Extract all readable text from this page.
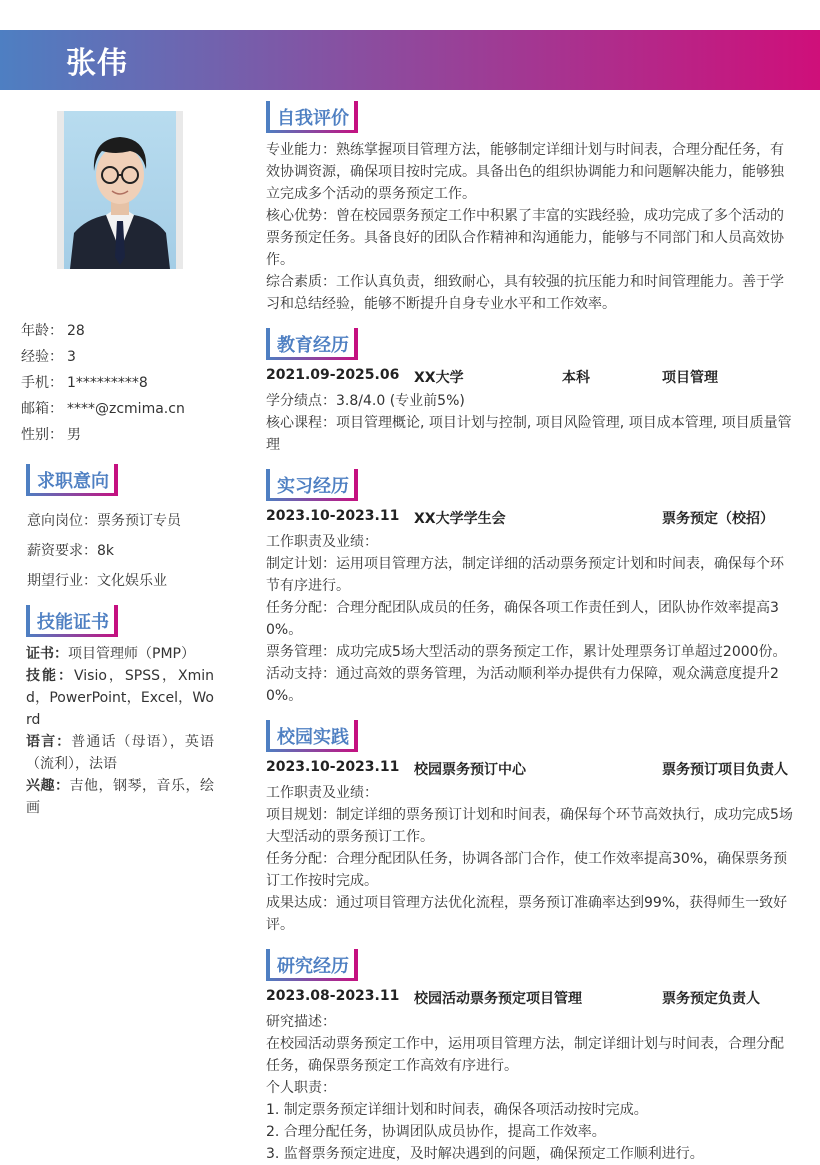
张伟
年龄： 28
经验： 3
手机： 1*********8
邮箱： ****@zcmima.cn
性别： 男
求职意向
意向岗位：票务预订专员
薪资要求：8k
期望行业：文化娱乐业
技能证书

证书：项目管理师（PMP）

技能：Visio，SPSS，Xmind，PowerPoint，Excel，Word

语言：普通话（母语），英语（流利），法语

兴趣：吉他，钢琴，音乐，绘画

自我评价

专业能力：熟练掌握项目管理方法，能够制定详细计划与时间表，合理分配任务，有效协调资源，确保项目按时完成。具备出色的组织协调能力和问题解决能力，能够独立完成多个活动的票务预定工作。

核心优势：曾在校园票务预定工作中积累了丰富的实践经验，成功完成了多个活动的票务预定任务。具备良好的团队合作精神和沟通能力，能够与不同部门和人员高效协作。

综合素质：工作认真负责，细致耐心，具有较强的抗压能力和时间管理能力。善于学习和总结经验，能够不断提升自身专业水平和工作效率。

教育经历
2021.09-2025.06 XX大学	本科	项目管理

学分绩点：3.8/4.0 (专业前5%)

核心课程：项目管理概论, 项目计划与控制, 项目风险管理, 项目成本管理, 项目质量管理

实习经历
2023.10-2023.11 XX大学学生会	票务预定（校招）

工作职责及业绩：

制定计划：运用项目管理方法，制定详细的活动票务预定计划和时间表，确保每个环节有序进行。

任务分配：合理分配团队成员的任务，确保各项工作责任到人，团队协作效率提高30%。

票务管理：成功完成5场大型活动的票务预定工作，累计处理票务订单超过2000份。

活动支持：通过高效的票务管理，为活动顺利举办提供有力保障，观众满意度提升20%。

校园实践
2023.10-2023.11 校园票务预订中心	票务预订项目负责人

工作职责及业绩：

项目规划：制定详细的票务预订计划和时间表，确保每个环节高效执行，成功完成5场大型活动的票务预订工作。

任务分配：合理分配团队任务，协调各部门合作，使工作效率提高30%，确保票务预订工作按时完成。

成果达成：通过项目管理方法优化流程，票务预订准确率达到99%，获得师生一致好评。

研究经历
2023.08-2023.11 校园活动票务预定项目管理	票务预定负责人

研究描述：

在校园活动票务预定工作中，运用项目管理方法，制定详细计划与时间表，合理分配任务，确保票务预定工作高效有序进行。

个人职责：

1. 制定票务预定详细计划和时间表，确保各项活动按时完成。

2. 合理分配任务，协调团队成员协作，提高工作效率。

3. 监督票务预定进度，及时解决遇到的问题，确保预定工作顺利进行。
